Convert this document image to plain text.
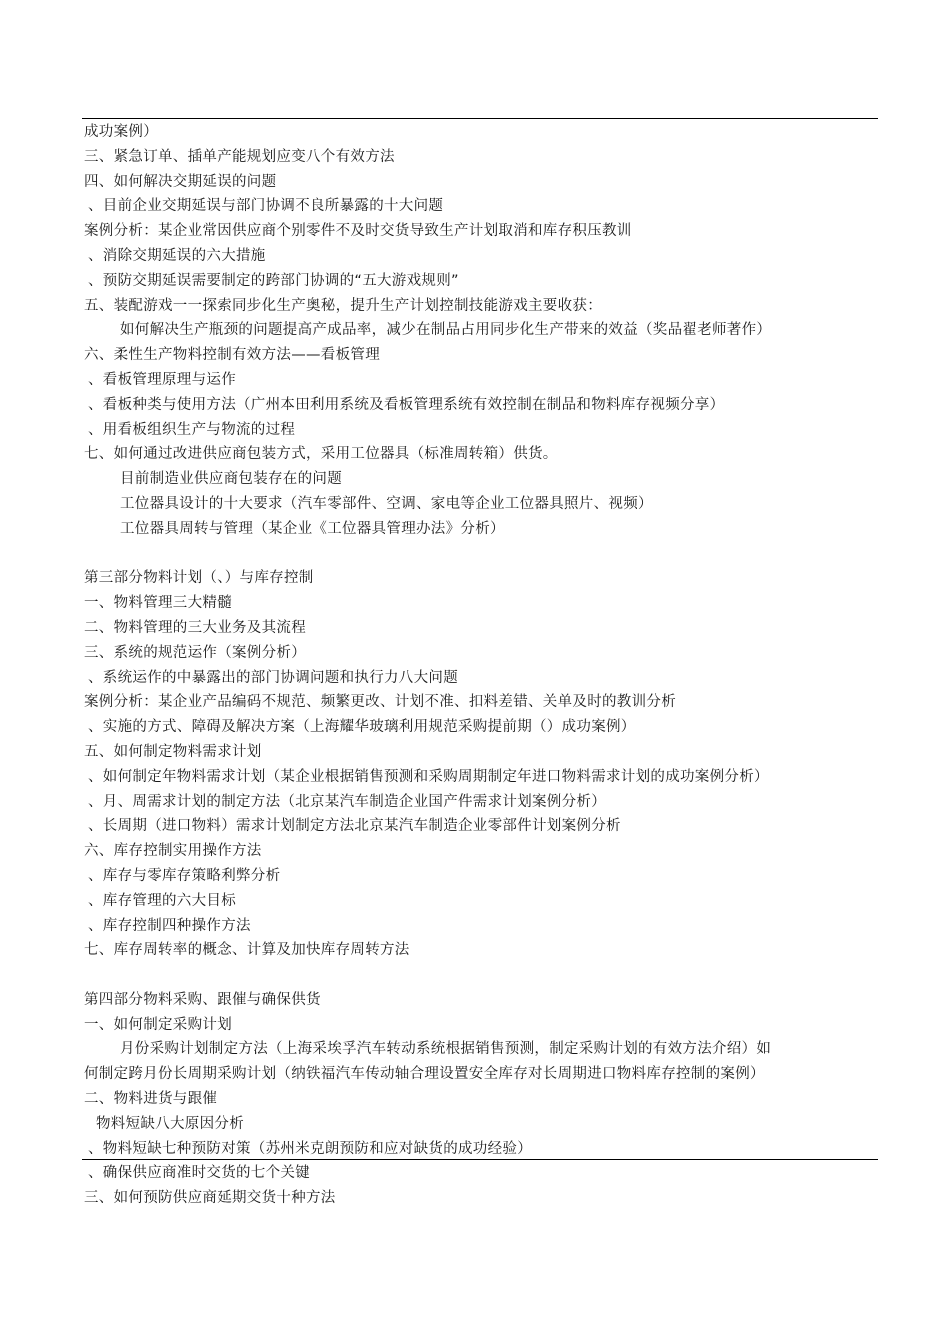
成功案例）
三、紧急订单、插单产能规划应变八个有效方法
四、如何解决交期延误的问题
、目前企业交期延误与部门协调不良所暴露的十大问题
案例分析：某企业常因供应商个别零件不及时交货导致生产计划取消和库存积压教训
、消除交期延误的六大措施
、预防交期延误需要制定的跨部门协调的“五大游戏规则”
五、装配游戏一一探索同步化生产奥秘，提升生产计划控制技能游戏主要收获：
如何解决生产瓶颈的问题提高产成品率，减少在制品占用同步化生产带来的效益（奖品翟老师著作）
六、柔性生产物料控制有效方法——看板管理
、看板管理原理与运作
、看板种类与使用方法（广州本田利用系统及看板管理系统有效控制在制品和物料库存视频分享）
、用看板组织生产与物流的过程
七、如何通过改进供应商包装方式，采用工位器具（标准周转箱）供货。
目前制造业供应商包装存在的问题
工位器具设计的十大要求（汽车零部件、空调、家电等企业工位器具照片、视频）
工位器具周转与管理（某企业《工位器具管理办法》分析）
第三部分物料计划（、）与库存控制
一、物料管理三大精髓
二、物料管理的三大业务及其流程
三、系统的规范运作（案例分析）
、系统运作的中暴露出的部门协调问题和执行力八大问题
案例分析：某企业产品编码不规范、频繁更改、计划不准、扣料差错、关单及时的教训分析
、实施的方式、障碍及解决方案（上海耀华玻璃利用规范采购提前期（）成功案例）
五、如何制定物料需求计划
、如何制定年物料需求计划（某企业根据销售预测和采购周期制定年进口物料需求计划的成功案例分析）
、月、周需求计划的制定方法（北京某汽车制造企业国产件需求计划案例分析）
、长周期（进口物料）需求计划制定方法北京某汽车制造企业零部件计划案例分析
六、库存控制实用操作方法
、库存与零库存策略利弊分析
、库存管理的六大目标
、库存控制四种操作方法
七、库存周转率的概念、计算及加快库存周转方法
第四部分物料采购、跟催与确保供货
一、如何制定采购计划
月份采购计划制定方法（上海采埃孚汽车转动系统根据销售预测，制定采购计划的有效方法介绍）如
何制定跨月份长周期采购计划（纳铁福汽车传动轴合理设置安全库存对长周期进口物料库存控制的案例）
二、物料进货与跟催
物料短缺八大原因分析
、物料短缺七种预防对策（苏州米克朗预防和应对缺货的成功经验）
、确保供应商准时交货的七个关键
三、如何预防供应商延期交货十种方法
